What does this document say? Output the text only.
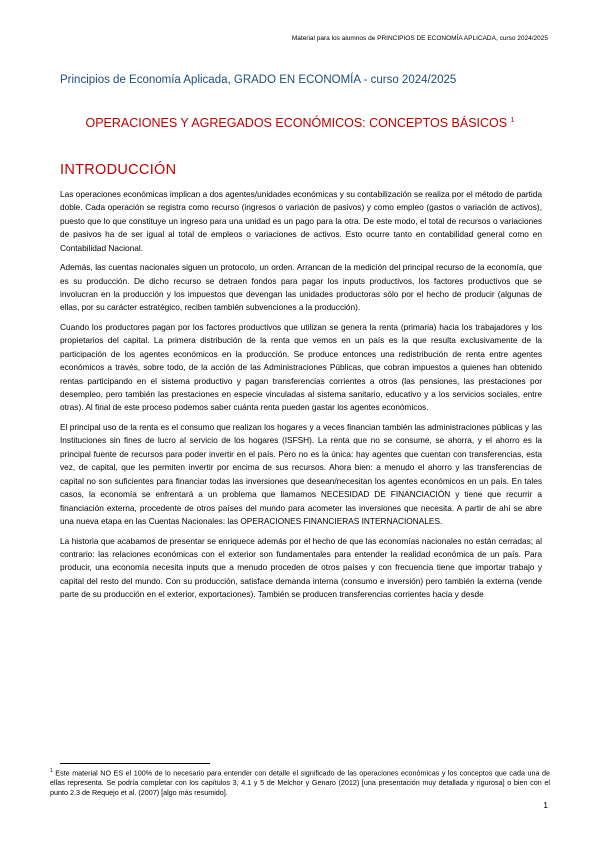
Material para los alumnos de PRINCIPIOS DE ECONOMÍA APLICADA, curso 2024/2025
Principios de Economía Aplicada, GRADO EN ECONOMÍA - curso 2024/2025
OPERACIONES Y AGREGADOS ECONÓMICOS: CONCEPTOS BÁSICOS $^1$
INTRODUCCIÓN

Las operaciones económicas implican a dos agentes/unidades económicas y su contabilización se realiza por el método de partida doble. Cada operación se registra como recurso (ingresos o variación de pasivos) y como empleo (gastos o variación de activos), puesto que lo que constituye un ingreso para una unidad es un pago para la otra. De este modo, el total de recursos o variaciones de pasivos ha de ser igual al total de empleos o variaciones de activos. Esto ocurre tanto en contabilidad general como en Contabilidad Nacional.

Además, las cuentas nacionales siguen un protocolo, un orden. Arrancan de la medición del principal recurso de la economía, que es su producción. De dicho recurso se detraen fondos para pagar los inputs productivos, los factores productivos que se involucran en la producción y los impuestos que devengan las unidades productoras sólo por el hecho de producir (algunas de ellas, por su carácter estratégico, reciben también subvenciones a la producción).

Cuando los productores pagan por los factores productivos que utilizan se genera la renta (primaria) hacia los trabajadores y los propietarios del capital. La primera distribución de la renta que vemos en un país es la que resulta exclusivamente de la participación de los agentes económicos en la producción. Se produce entonces una redistribución de renta entre agentes económicos a través, sobre todo, de la acción de las Administraciones Públicas, que cobran impuestos a quienes han obtenido rentas participando en el sistema productivo y pagan transferencias corrientes a otros (las pensiones, las prestaciones por desempleo, pero también las prestaciones en especie vinculadas al sistema sanitario, educativo y a los servicios sociales, entre otras). Al final de este proceso podemos saber cuánta renta pueden gastar los agentes económicos.

El principal uso de la renta es el consumo que realizan los hogares y a veces financian también las administraciones públicas y las Instituciones sin fines de lucro al servicio de los hogares (ISFSH). La renta que no se consume, se ahorra, y el ahorro es la principal fuente de recursos para poder invertir en el país. Pero no es la única: hay agentes que cuentan con transferencias, esta vez, de capital, que les permiten invertir por encima de sus recursos. Ahora bien: a menudo el ahorro y las transferencias de capital no son suficientes para financiar todas las inversiones que desean/necesitan los agentes económicos en un país. En tales casos, la economía se enfrentará a un problema que llamamos NECESIDAD DE FINANCIACIÓN y tiene que recurrir a financiación externa, procedente de otros países del mundo para acometer las inversiones que necesita. A partir de ahí se abre una nueva etapa en las Cuentas Nacionales: las OPERACIONES FINANCIERAS INTERNACIONALES.

La historia que acabamos de presentar se enriquece además por el hecho de que las economías nacionales no están cerradas; al contrario: las relaciones económicas con el exterior son fundamentales para entender la realidad económica de un país. Para producir, una economía necesita inputs que a menudo proceden de otros países y con frecuencia tiene que importar trabajo y capital del resto del mundo. Con su producción, satisface demanda interna (consumo e inversión) pero también la externa (vende parte de su producción en el exterior, exportaciones). También se producen transferencias corrientes hacia y desde

$^1$ Este material NO ES el 100% de lo necesario para entender con detalle el significado de las operaciones económicas y los conceptos que cada una de ellas representa. Se podría completar con los capítulos 3, 4.1 y 5 de Melchor y Genaro (2012) [una presentación muy detallada y rigurosa] o bien con el punto 2.3 de Requejo et al. (2007) [algo más resumido].
1
